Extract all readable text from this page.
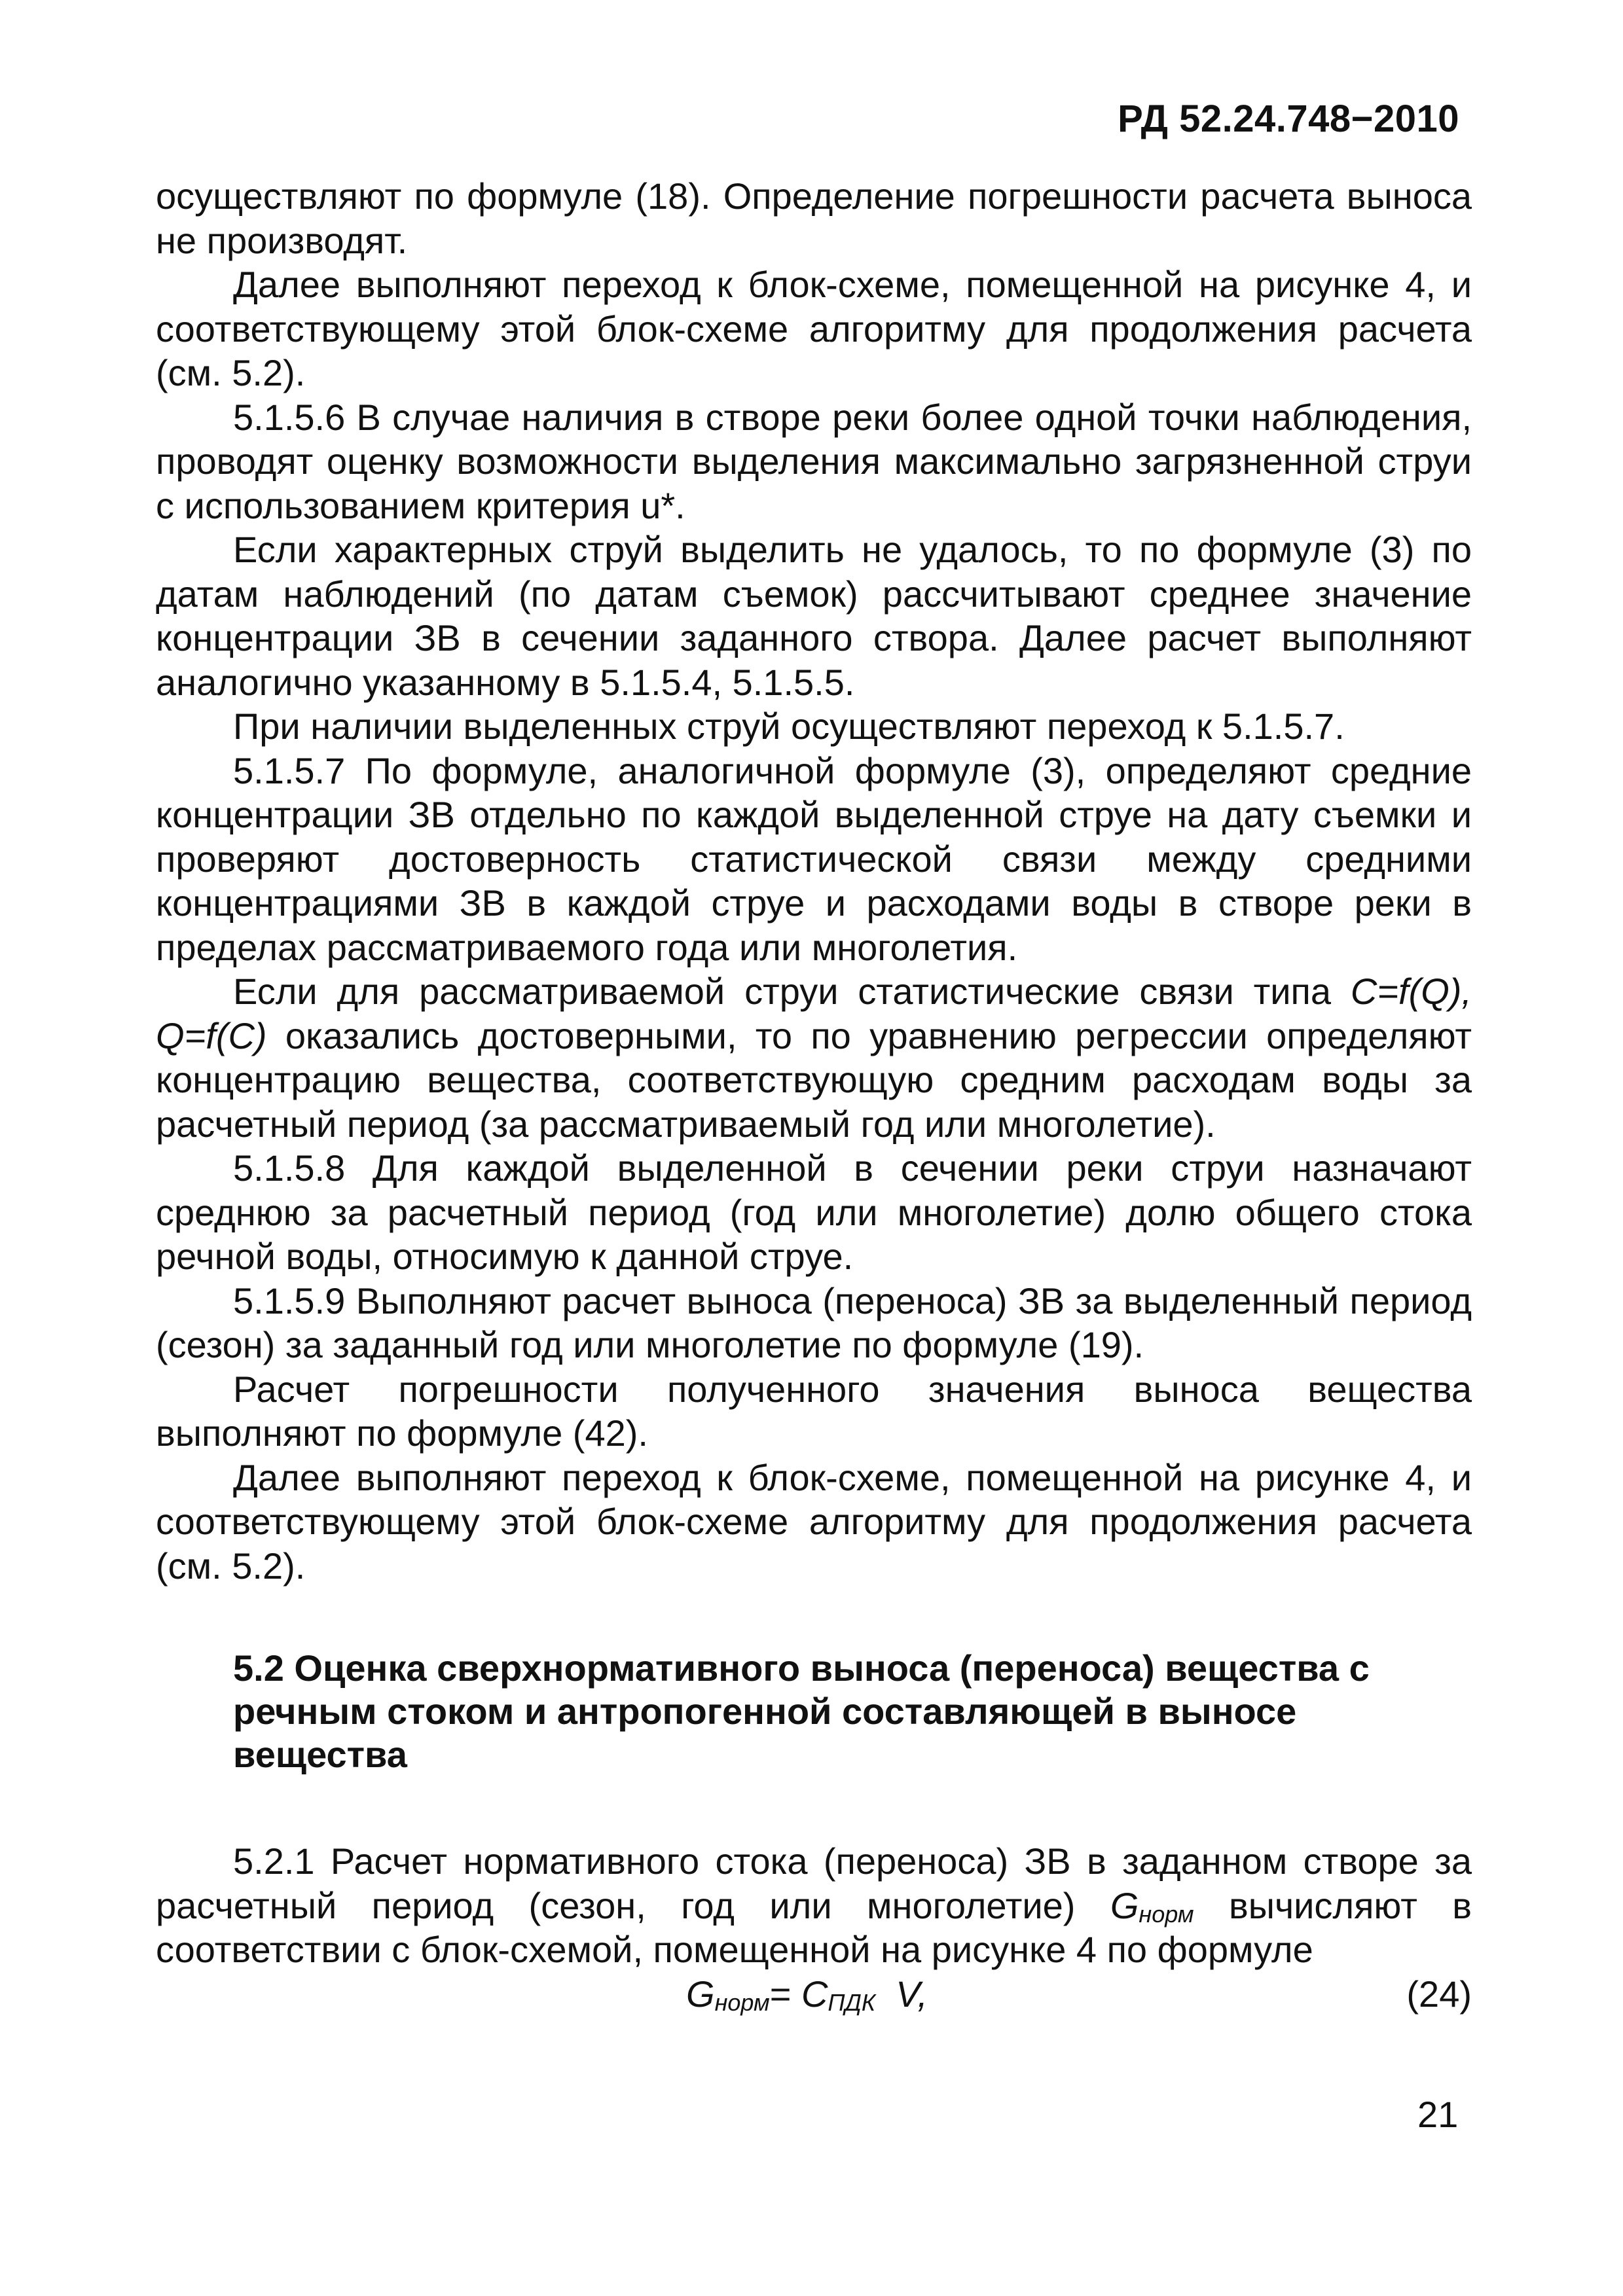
РД 52.24.748−2010

осуществляют по формуле (18). Определение погрешности расчета выноса не производят.

Далее выполняют переход к блок-схеме, помещенной на рисунке 4, и соответствующему этой блок-схеме алгоритму для продолжения расчета (см. 5.2).

5.1.5.6 В случае наличия в створе реки более одной точки наблюдения, проводят оценку возможности выделения максимально загрязненной струи с использованием критерия u*.

Если характерных струй выделить не удалось, то по формуле (3) по датам наблюдений (по датам съемок) рассчитывают среднее значение концентрации ЗВ в сечении заданного створа. Далее расчет выполняют аналогично указанному в 5.1.5.4, 5.1.5.5.

При наличии выделенных струй осуществляют переход к 5.1.5.7.

5.1.5.7 По формуле, аналогичной формуле (3), определяют средние концентрации ЗВ отдельно по каждой выделенной струе на дату съемки и проверяют достоверность статистической связи между средними концентрациями ЗВ в каждой струе и расходами воды в створе реки в пределах рассматриваемого года или многолетия.

Если для рассматриваемой струи статистические связи типа C=f(Q), Q=f(C) оказались достоверными, то по уравнению регрессии определяют концентрацию вещества, соответствующую средним расходам воды за расчетный период (за рассматриваемый год или многолетие).

5.1.5.8 Для каждой выделенной в сечении реки струи назначают среднюю за расчетный период (год или многолетие) долю общего стока речной воды, относимую к данной струе.

5.1.5.9 Выполняют расчет выноса (переноса) ЗВ за выделенный период (сезон) за заданный год или многолетие по формуле (19).

Расчет погрешности полученного значения выноса вещества выполняют по формуле (42).

Далее выполняют переход к блок-схеме, помещенной на рисунке 4, и соответствующему этой блок-схеме алгоритму для продолжения расчета (см. 5.2).

5.2 Оценка сверхнормативного выноса (переноса) вещества с речным стоком и антропогенной составляющей в выносе вещества

5.2.1 Расчет нормативного стока (переноса) ЗВ в заданном створе за расчетный период (сезон, год или многолетие) $G_{норм}$ вычисляют в соответствии с блок-схемой, помещенной на рисунке 4 по формуле

$G_{норм}= C_{ПДК}$ V,	(24)
21
